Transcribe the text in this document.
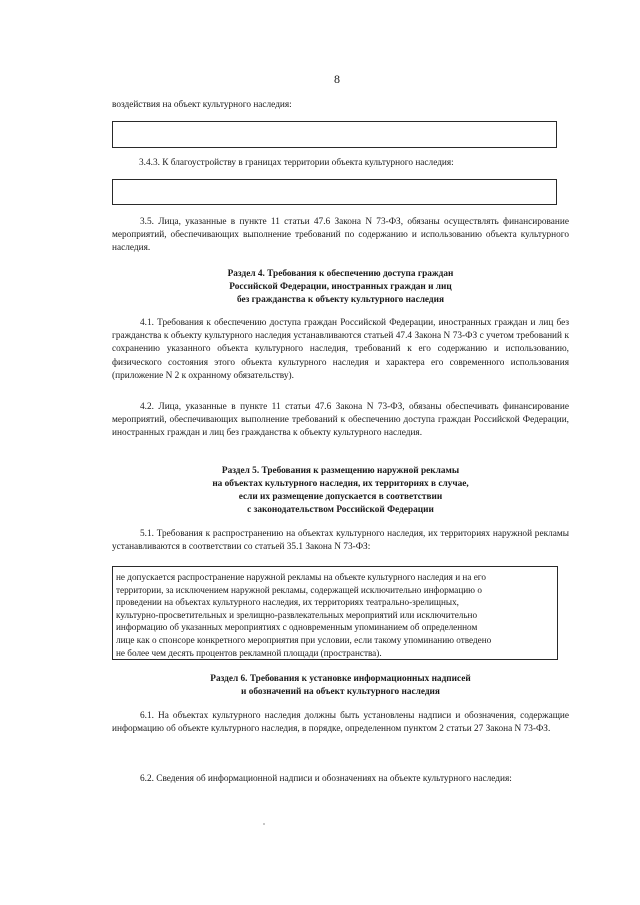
8
воздействия на объект культурного наследия:
3.4.3. К благоустройству в границах территории объекта культурного наследия:
3.5. Лица, указанные в пункте 11 статьи 47.6 Закона N 73-ФЗ, обязаны осуществлять финансирование мероприятий, обеспечивающих выполнение требований по содержанию и использованию объекта культурного наследия.
Раздел 4. Требования к обеспечению доступа граждан
Российской Федерации, иностранных граждан и лиц
без гражданства к объекту культурного наследия
4.1. Требования к обеспечению доступа граждан Российской Федерации, иностранных граждан и лиц без гражданства к объекту культурного наследия устанавливаются статьей 47.4 Закона N 73-ФЗ с учетом требований к сохранению указанного объекта культурного наследия, требований к его содержанию и использованию, физического состояния этого объекта культурного наследия и характера его современного использования (приложение N 2 к охранному обязательству).
4.2. Лица, указанные в пункте 11 статьи 47.6 Закона N 73-ФЗ, обязаны обеспечивать финансирование мероприятий, обеспечивающих выполнение требований к обеспечению доступа граждан Российской Федерации, иностранных граждан и лиц без гражданства к объекту культурного наследия.
Раздел 5. Требования к размещению наружной рекламы
на объектах культурного наследия, их территориях в случае,
если их размещение допускается в соответствии
с законодательством Российской Федерации
5.1. Требования к распространению на объектах культурного наследия, их территориях наружной рекламы устанавливаются в соответствии со статьей 35.1 Закона N 73-ФЗ:
не допускается распространение наружной рекламы на объекте культурного наследия и на его
территории, за исключением наружной рекламы, содержащей исключительно информацию о
проведении на объектах культурного наследия, их территориях театрально-зрелищных,
культурно-просветительных и зрелищно-развлекательных мероприятий или исключительно
информацию об указанных мероприятиях с одновременным упоминанием об определенном
лице как о спонсоре конкретного мероприятия при условии, если такому упоминанию отведено
не более чем десять процентов рекламной площади (пространства).
Раздел 6. Требования к установке информационных надписей
и обозначений на объект культурного наследия
6.1. На объектах культурного наследия должны быть установлены надписи и обозначения, содержащие информацию об объекте культурного наследия, в порядке, определенном пунктом 2 статьи 27 Закона N 73-ФЗ.
6.2. Сведения об информационной надписи и обозначениях на объекте культурного наследия:
